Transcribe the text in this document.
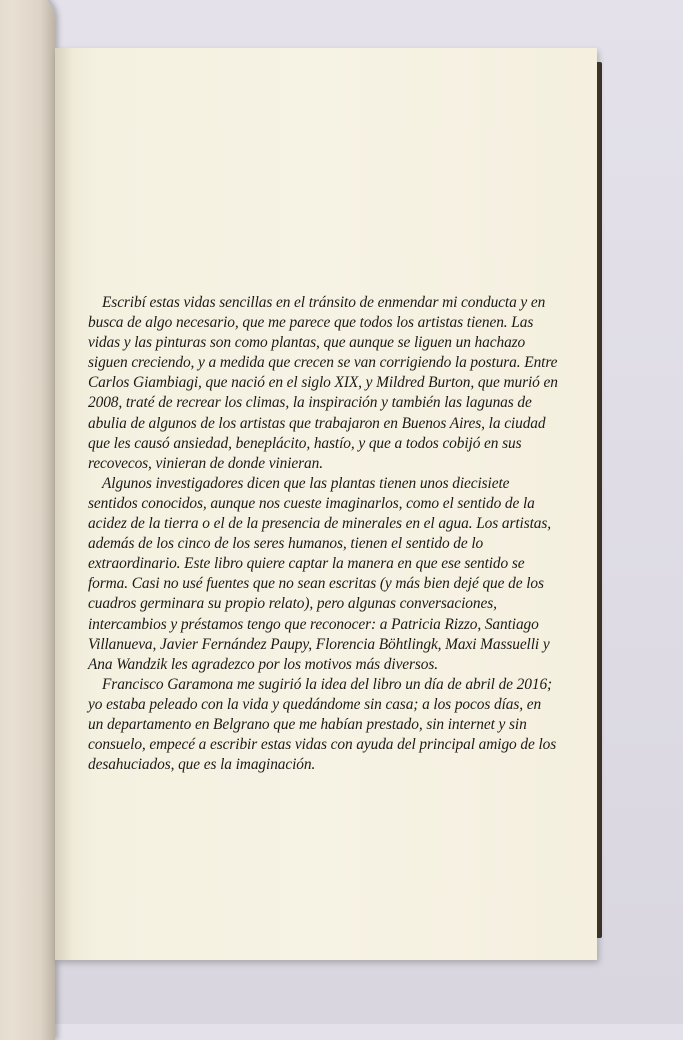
Escribí estas vidas sencillas en el tránsito de enmendar mi conducta y en busca de algo necesario, que me parece que todos los artistas tienen. Las vidas y las pinturas son como plantas, que aunque se liguen un hachazo siguen creciendo, y a medida que crecen se van corrigiendo la postura. Entre Carlos Giambiagi, que nació en el siglo XIX, y Mildred Burton, que murió en 2008, traté de recrear los climas, la inspiración y también las lagunas de abulia de algunos de los artistas que trabajaron en Buenos Aires, la ciudad que les causó ansiedad, beneplácito, hastío, y que a todos cobijó en sus recovecos, vinieran de donde vinieran.

Algunos investigadores dicen que las plantas tienen unos diecisiete sentidos conocidos, aunque nos cueste imaginarlos, como el sentido de la acidez de la tierra o el de la presencia de minerales en el agua. Los artistas, además de los cinco de los seres humanos, tienen el sentido de lo extraordinario. Este libro quiere captar la manera en que ese sentido se forma. Casi no usé fuentes que no sean escritas (y más bien dejé que de los cuadros germinara su propio relato), pero algunas conversaciones, intercambios y préstamos tengo que reconocer: a Patricia Rizzo, Santiago Villanueva, Javier Fernández Paupy, Florencia Böhtlingk, Maxi Massuelli y Ana Wandzik les agradezco por los motivos más diversos.

Francisco Garamona me sugirió la idea del libro un día de abril de 2016; yo estaba peleado con la vida y quedándome sin casa; a los pocos días, en un departamento en Belgrano que me habían prestado, sin internet y sin consuelo, empecé a escribir estas vidas con ayuda del principal amigo de los desahuciados, que es la imaginación.
